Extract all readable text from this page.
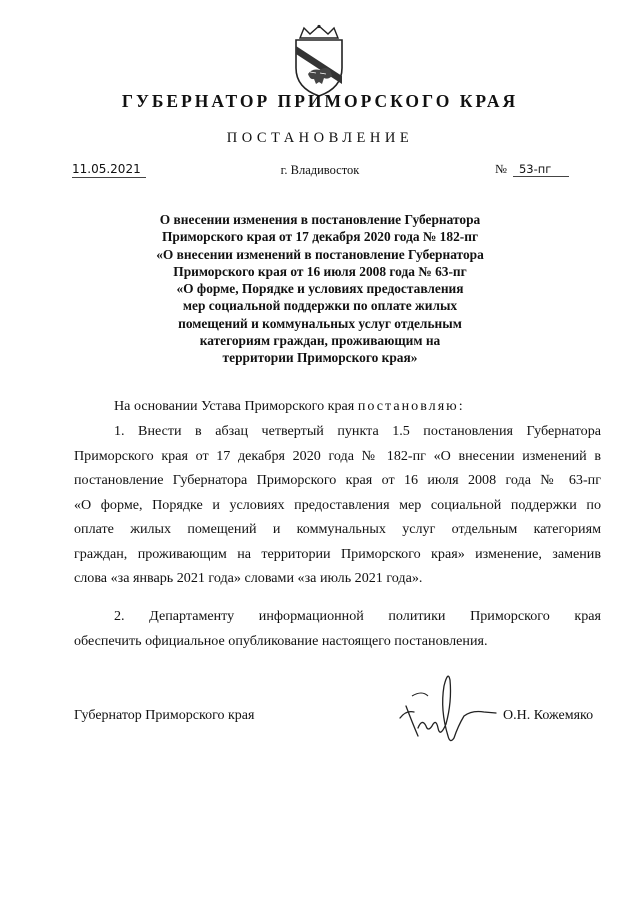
ГУБЕРНАТОР ПРИМОРСКОГО КРАЯ
ПОСТАНОВЛЕНИЕ
11.05.2021	г. Владивосток	№ 53-пг
О внесении изменения в постановление Губернатора
Приморского края от 17 декабря 2020 года № 182-пг
«О внесении изменений в постановление Губернатора
Приморского края от 16 июля 2008 года № 63-пг
«О форме, Порядке и условиях предоставления
мер социальной поддержки по оплате жилых
помещений и коммунальных услуг отдельным
категориям граждан, проживающим на
территории Приморского края»
На основании Устава Приморского края постановляю:
1. Внести в абзац четвертый пункта 1.5 постановления Губернатора
Приморского края от 17 декабря 2020 года № 182-пг «О внесении изменений в
постановление Губернатора Приморского края от 16 июля 2008 года № 63-пг
«О форме, Порядке и условиях предоставления мер социальной поддержки по
оплате жилых помещений и коммунальных услуг отдельным категориям
граждан, проживающим на территории Приморского края» изменение, заменив
слова «за январь 2021 года» словами «за июль 2021 года».
2. Департаменту информационной политики Приморского края
обеспечить официальное опубликование настоящего постановления.
Губернатор Приморского края	О.Н. Кожемяко
